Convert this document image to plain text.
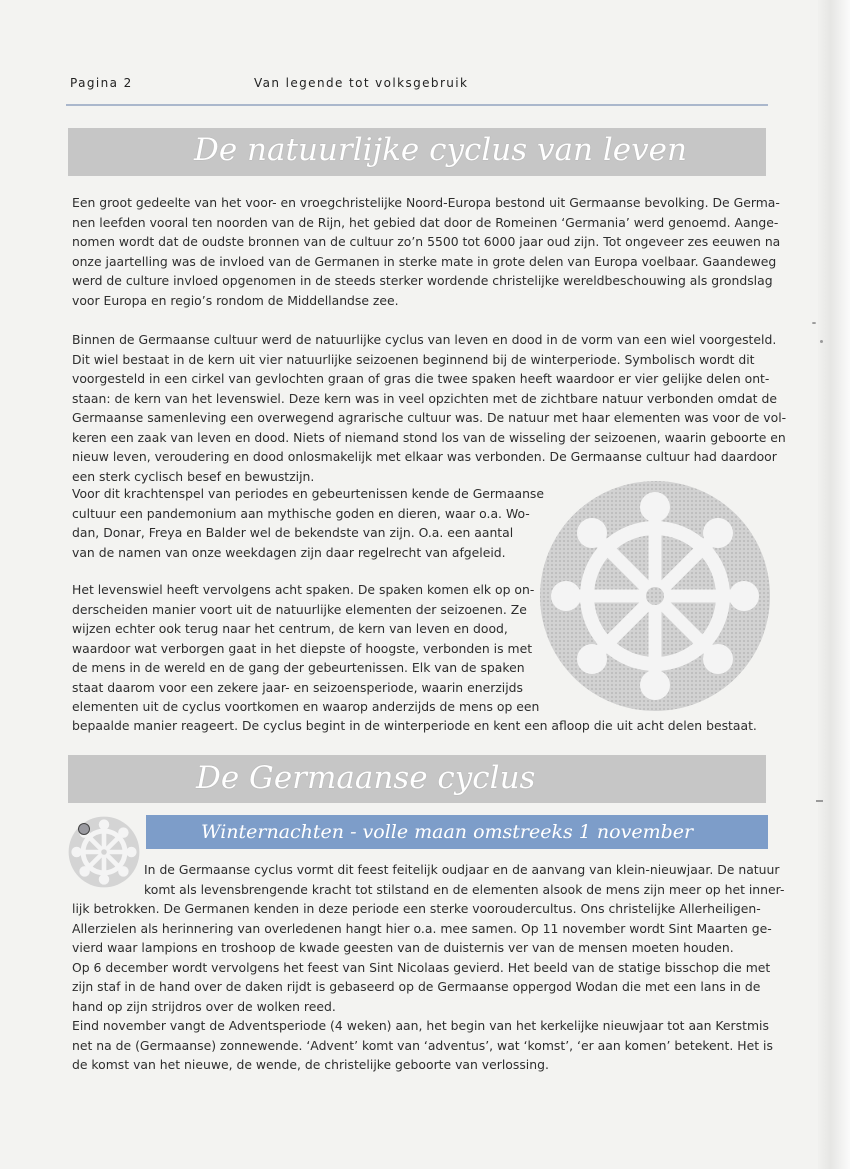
Pagina 2	Van legende tot volksgebruik
De natuurlijke cyclus van leven

Een groot gedeelte van het voor- en vroegchristelijke Noord-Europa bestond uit Germaanse bevolking. De Germa-
nen leefden vooral ten noorden van de Rijn, het gebied dat door de Romeinen ‘Germania’ werd genoemd. Aange-
nomen wordt dat de oudste bronnen van de cultuur zo’n 5500 tot 6000 jaar oud zijn. Tot ongeveer zes eeuwen na
onze jaartelling was de invloed van de Germanen in sterke mate in grote delen van Europa voelbaar. Gaandeweg
werd de culture invloed opgenomen in de steeds sterker wordende christelijke wereldbeschouwing als grondslag
voor Europa en regio’s rondom de Middellandse zee.

Binnen de Germaanse cultuur werd de natuurlijke cyclus van leven en dood in de vorm van een wiel voorgesteld.
Dit wiel bestaat in de kern uit vier natuurlijke seizoenen beginnend bij de winterperiode. Symbolisch wordt dit
voorgesteld in een cirkel van gevlochten graan of gras die twee spaken heeft waardoor er vier gelijke delen ont-
staan: de kern van het levenswiel. Deze kern was in veel opzichten met de zichtbare natuur verbonden omdat de
Germaanse samenleving een overwegend agrarische cultuur was. De natuur met haar elementen was voor de vol-
keren een zaak van leven en dood. Niets of niemand stond los van de wisseling der seizoenen, waarin geboorte en
nieuw leven, veroudering en dood onlosmakelijk met elkaar was verbonden. De Germaanse cultuur had daardoor
een sterk cyclisch besef en bewustzijn.

Voor dit krachtenspel van periodes en gebeurtenissen kende de Germaanse
cultuur een pandemonium aan mythische goden en dieren, waar o.a. Wo-
dan, Donar, Freya en Balder wel de bekendste van zijn. O.a. een aantal
van de namen van onze weekdagen zijn daar regelrecht van afgeleid.

Het levenswiel heeft vervolgens acht spaken. De spaken komen elk op on-
derscheiden manier voort uit de natuurlijke elementen der seizoenen. Ze
wijzen echter ook terug naar het centrum, de kern van leven en dood,
waardoor wat verborgen gaat in het diepste of hoogste, verbonden is met
de mens in de wereld en de gang der gebeurtenissen. Elk van de spaken
staat daarom voor een zekere jaar- en seizoensperiode, waarin enerzijds
elementen uit de cyclus voortkomen en waarop anderzijds de mens op een

bepaalde manier reageert. De cyclus begint in de winterperiode en kent een afloop die uit acht delen bestaat.

De Germaanse cyclus
Winternachten - volle maan omstreeks 1 november

In de Germaanse cyclus vormt dit feest feitelijk oudjaar en de aanvang van klein-nieuwjaar. De natuur
komt als levensbrengende kracht tot stilstand en de elementen alsook de mens zijn meer op het inner-
lijk betrokken. De Germanen kenden in deze periode een sterke vooroudercultus. Ons christelijke Allerheiligen-
Allerzielen als herinnering van overledenen hangt hier o.a. mee samen. Op 11 november wordt Sint Maarten ge-
vierd waar lampions en troshoop de kwade geesten van de duisternis ver van de mensen moeten houden.
Op 6 december wordt vervolgens het feest van Sint Nicolaas gevierd. Het beeld van de statige bisschop die met
zijn staf in de hand over de daken rijdt is gebaseerd op de Germaanse oppergod Wodan die met een lans in de
hand op zijn strijdros over de wolken reed.
Eind november vangt de Adventsperiode (4 weken) aan, het begin van het kerkelijke nieuwjaar tot aan Kerstmis
net na de (Germaanse) zonnewende. ‘Advent’ komt van ‘adventus’, wat ‘komst’, ‘er aan komen’ betekent. Het is
de komst van het nieuwe, de wende, de christelijke geboorte van verlossing.
